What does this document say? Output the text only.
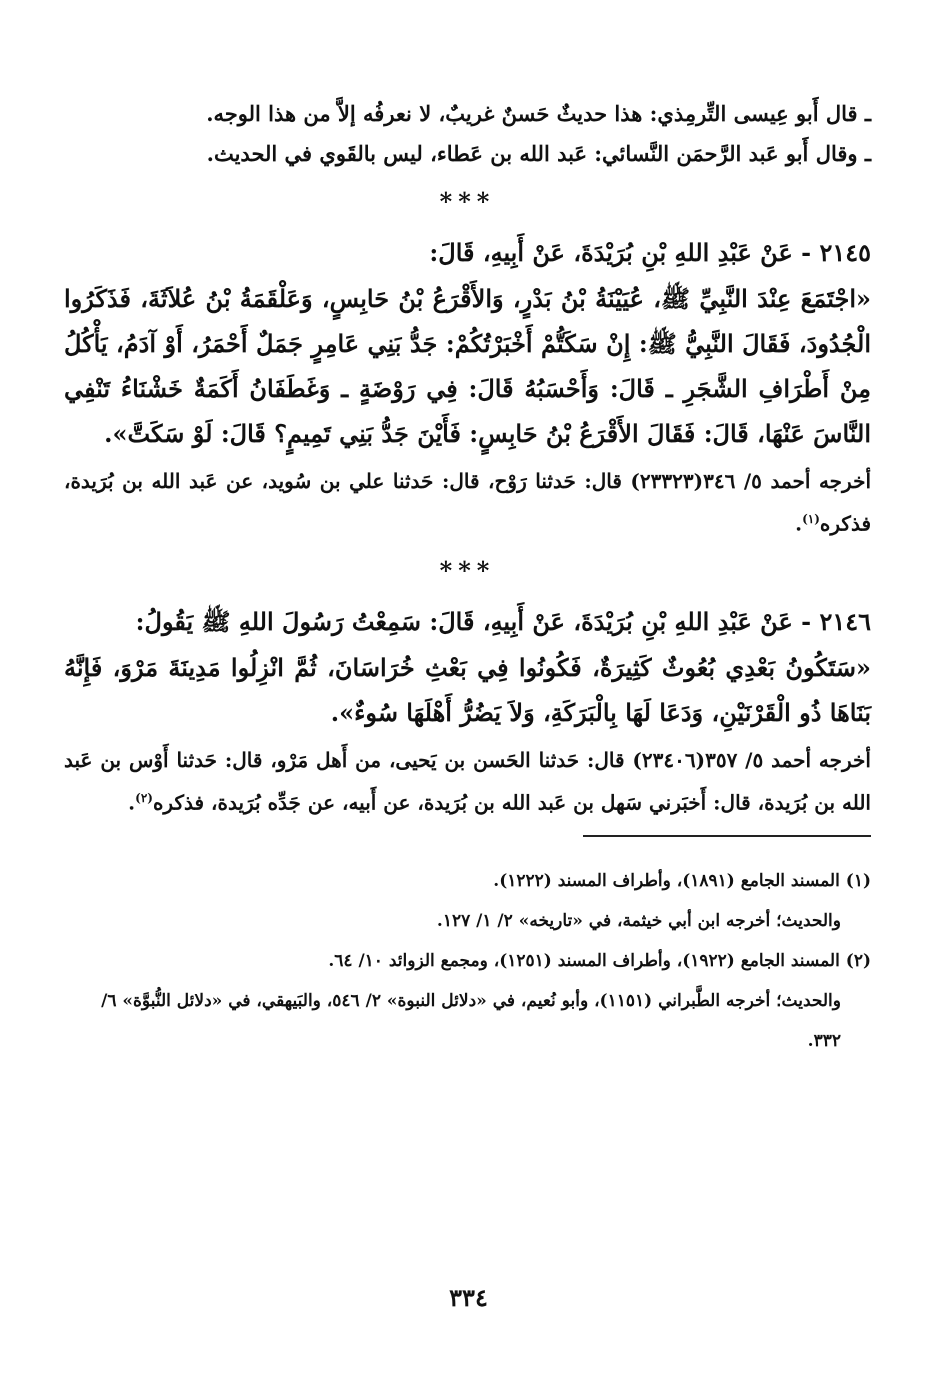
ـ قال أَبو عِيسى التِّرمِذي: هذا حديثٌ حَسنٌ غريبٌ، لا نعرفُه إلاَّ من هذا الوجه.

ـ وقال أَبو عَبد الرَّحمَن النَّسائي: عَبد الله بن عَطاء، ليس بالقَوي في الحديث.

***

٢١٤٥ - عَنْ عَبْدِ اللهِ بْنِ بُرَيْدَةَ، عَنْ أَبِيهِ، قَالَ:

«اجْتَمَعَ عِنْدَ النَّبِيِّ ﷺ، عُيَيْنَةُ بْنُ بَدْرٍ، وَالأَقْرَعُ بْنُ حَابِسٍ، وَعَلْقَمَةُ بْنُ عُلاَثَةَ، فَذَكَرُوا الْجُدُودَ، فَقَالَ النَّبِيُّ ﷺ: إِنْ سَكَتُّمْ أَخْبَرْتُكُمْ: جَدُّ بَنِي عَامِرٍ جَمَلٌ أَحْمَرُ، أَوْ آدَمُ، يَأْكُلُ مِنْ أَطْرَافِ الشَّجَرِ ـ قَالَ: وَأَحْسَبُهُ قَالَ: فِي رَوْضَةٍ ـ وَغَطَفَانُ أَكَمَةٌ خَشْنَاءُ تَنْفِي النَّاسَ عَنْهَا، قَالَ: فَقَالَ الأَقْرَعُ بْنُ حَابِسٍ: فَأَيْنَ جَدُّ بَنِي تَمِيمٍ؟ قَالَ: لَوْ سَكَتَّ».

أخرجه أحمد ٥/ ٣٤٦(٢٣٣٢٣) قال: حَدثنا رَوْح، قال: حَدثنا علي بن سُويد، عن عَبد الله بن بُرَيدة، فذكره$^{(١)}$.

***

٢١٤٦ - عَنْ عَبْدِ اللهِ بْنِ بُرَيْدَةَ، عَنْ أَبِيهِ، قَالَ: سَمِعْتُ رَسُولَ اللهِ ﷺ يَقُولُ:

«سَتَكُونُ بَعْدِي بُعُوثٌ كَثِيرَةٌ، فَكُونُوا فِي بَعْثِ خُرَاسَانَ، ثُمَّ انْزِلُوا مَدِينَةَ مَرْوَ، فَإِنَّهُ بَنَاهَا ذُو الْقَرْنَيْنِ، وَدَعَا لَهَا بِالْبَرَكَةِ، وَلاَ يَضُرُّ أَهْلَهَا سُوءٌ».

أخرجه أحمد ٥/ ٣٥٧(٢٣٤٠٦) قال: حَدثنا الحَسن بن يَحيى، من أَهل مَرْو، قال: حَدثنا أَوْس بن عَبد الله بن بُرَيدة، قال: أَخبَرني سَهل بن عَبد الله بن بُرَيدة، عن أَبيه، عن جَدِّه بُرَيدة، فذكره$^{(٢)}$.

(١) المسند الجامع (١٨٩١)، وأطراف المسند (١٢٢٢).

والحديث؛ أخرجه ابن أبي خيثمة، في «تاريخه» ٢/ ١/ ١٢٧.

(٢) المسند الجامع (١٩٢٢)، وأطراف المسند (١٢٥١)، ومجمع الزوائد ١٠/ ٦٤.

والحديث؛ أخرجه الطَّبراني (١١٥١)، وأبو نُعيم، في «دلائل النبوة» ٢/ ٥٤٦، والبَيهقي، في «دلائل النُّبوَّة» ٦/ ٣٣٢.

٣٣٤
